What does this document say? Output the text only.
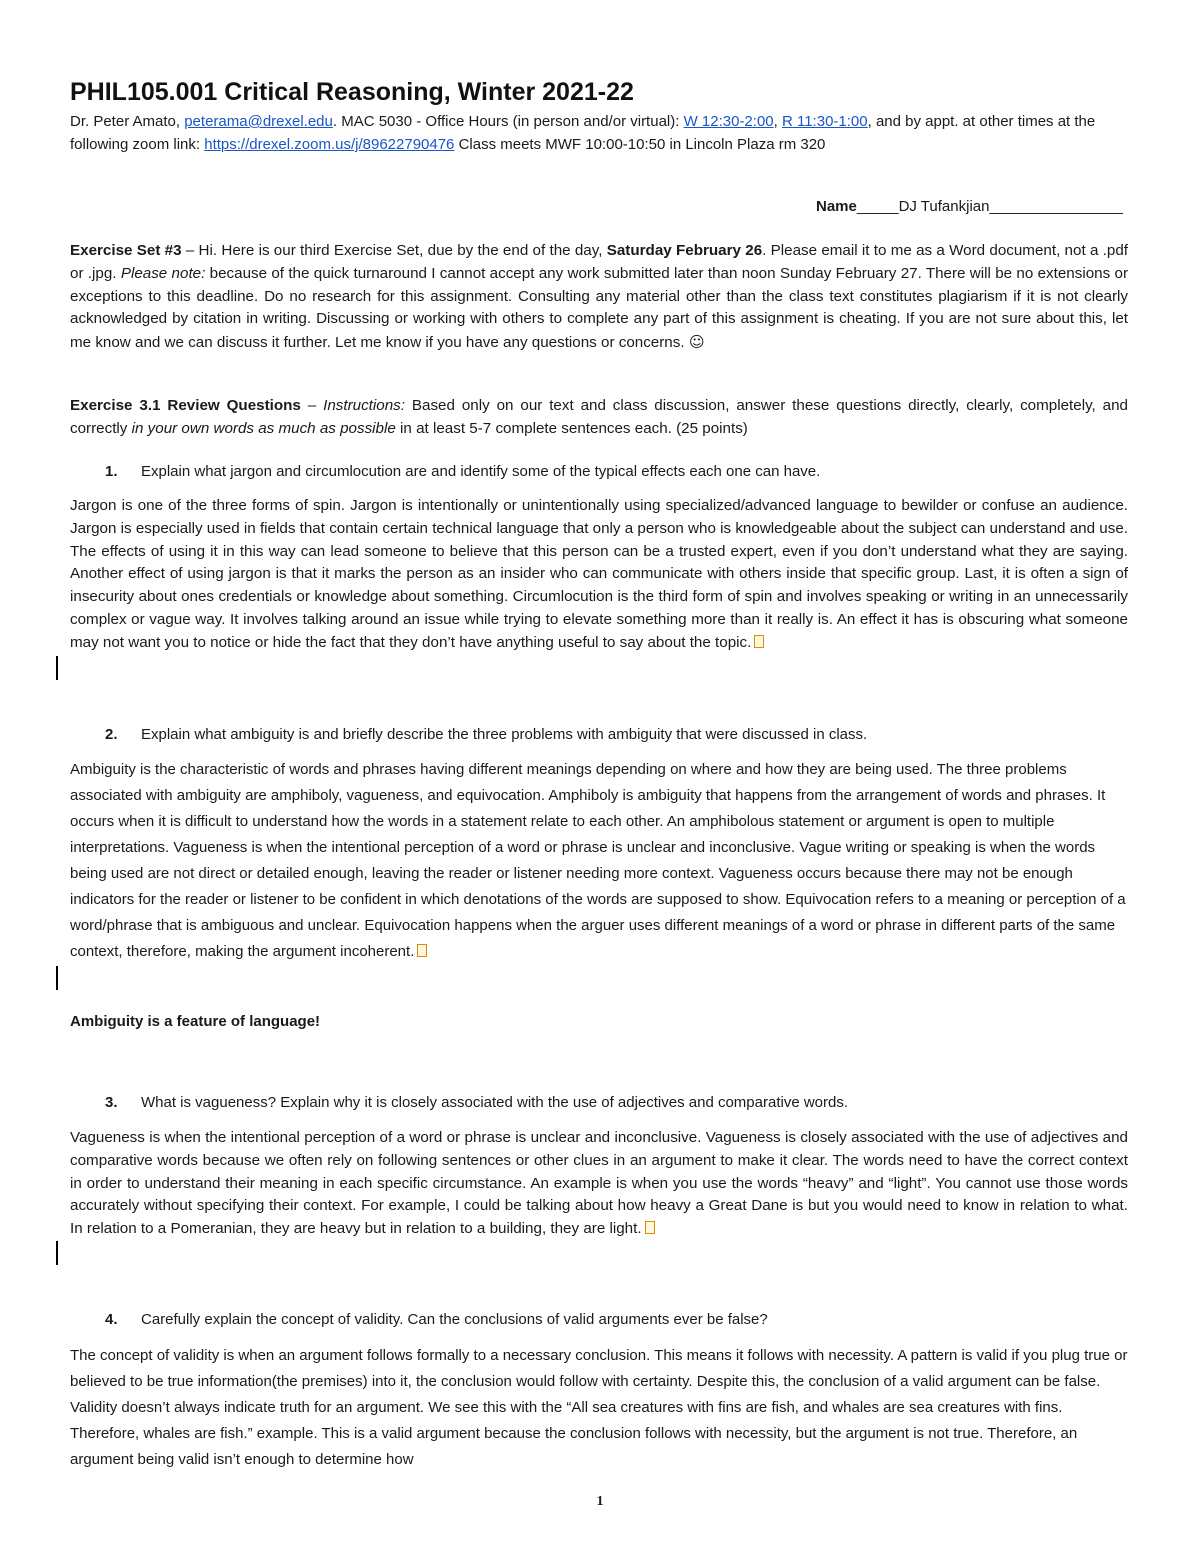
PHIL105.001 Critical Reasoning, Winter 2021-22
Dr. Peter Amato, peterama@drexel.edu. MAC 5030 - Office Hours (in person and/or virtual): W 12:30-2:00, R 11:30-1:00, and by appt. at other times at the following zoom link: https://drexel.zoom.us/j/89622790476 Class meets MWF 10:00-10:50 in Lincoln Plaza rm 320
Name_____DJ Tufankjian________________
Exercise Set #3 – Hi. Here is our third Exercise Set, due by the end of the day, Saturday February 26. Please email it to me as a Word document, not a .pdf or .jpg. Please note: because of the quick turnaround I cannot accept any work submitted later than noon Sunday February 27. There will be no extensions or exceptions to this deadline. Do no research for this assignment. Consulting any material other than the class text constitutes plagiarism if it is not clearly acknowledged by citation in writing. Discussing or working with others to complete any part of this assignment is cheating. If you are not sure about this, let me know and we can discuss it further. Let me know if you have any questions or concerns. ☺
Exercise 3.1 Review Questions – Instructions: Based only on our text and class discussion, answer these questions directly, clearly, completely, and correctly in your own words as much as possible in at least 5-7 complete sentences each. (25 points)
1. Explain what jargon and circumlocution are and identify some of the typical effects each one can have.
Jargon is one of the three forms of spin. Jargon is intentionally or unintentionally using specialized/advanced language to bewilder or confuse an audience. Jargon is especially used in fields that contain certain technical language that only a person who is knowledgeable about the subject can understand and use. The effects of using it in this way can lead someone to believe that this person can be a trusted expert, even if you don’t understand what they are saying. Another effect of using jargon is that it marks the person as an insider who can communicate with others inside that specific group. Last, it is often a sign of insecurity about ones credentials or knowledge about something. Circumlocution is the third form of spin and involves speaking or writing in an unnecessarily complex or vague way. It involves talking around an issue while trying to elevate something more than it really is. An effect it has is obscuring what someone may not want you to notice or hide the fact that they don’t have anything useful to say about the topic.
2. Explain what ambiguity is and briefly describe the three problems with ambiguity that were discussed in class.
Ambiguity is the characteristic of words and phrases having different meanings depending on where and how they are being used. The three problems associated with ambiguity are amphiboly, vagueness, and equivocation. Amphiboly is ambiguity that happens from the arrangement of words and phrases. It occurs when it is difficult to understand how the words in a statement relate to each other. An amphibolous statement or argument is open to multiple interpretations. Vagueness is when the intentional perception of a word or phrase is unclear and inconclusive. Vague writing or speaking is when the words being used are not direct or detailed enough, leaving the reader or listener needing more context. Vagueness occurs because there may not be enough indicators for the reader or listener to be confident in which denotations of the words are supposed to show. Equivocation refers to a meaning or perception of a word/phrase that is ambiguous and unclear. Equivocation happens when the arguer uses different meanings of a word or phrase in different parts of the same context, therefore, making the argument incoherent.
Ambiguity is a feature of language!
3. What is vagueness? Explain why it is closely associated with the use of adjectives and comparative words.
Vagueness is when the intentional perception of a word or phrase is unclear and inconclusive. Vagueness is closely associated with the use of adjectives and comparative words because we often rely on following sentences or other clues in an argument to make it clear. The words need to have the correct context in order to understand their meaning in each specific circumstance. An example is when you use the words “heavy” and “light”. You cannot use those words accurately without specifying their context. For example, I could be talking about how heavy a Great Dane is but you would need to know in relation to what. In relation to a Pomeranian, they are heavy but in relation to a building, they are light.
4. Carefully explain the concept of validity. Can the conclusions of valid arguments ever be false?
The concept of validity is when an argument follows formally to a necessary conclusion. This means it follows with necessity. A pattern is valid if you plug true or believed to be true information(the premises) into it, the conclusion would follow with certainty. Despite this, the conclusion of a valid argument can be false. Validity doesn’t always indicate truth for an argument. We see this with the “All sea creatures with fins are fish, and whales are sea creatures with fins. Therefore, whales are fish.” example. This is a valid argument because the conclusion follows with necessity, but the argument is not true. Therefore, an argument being valid isn’t enough to determine how
1
